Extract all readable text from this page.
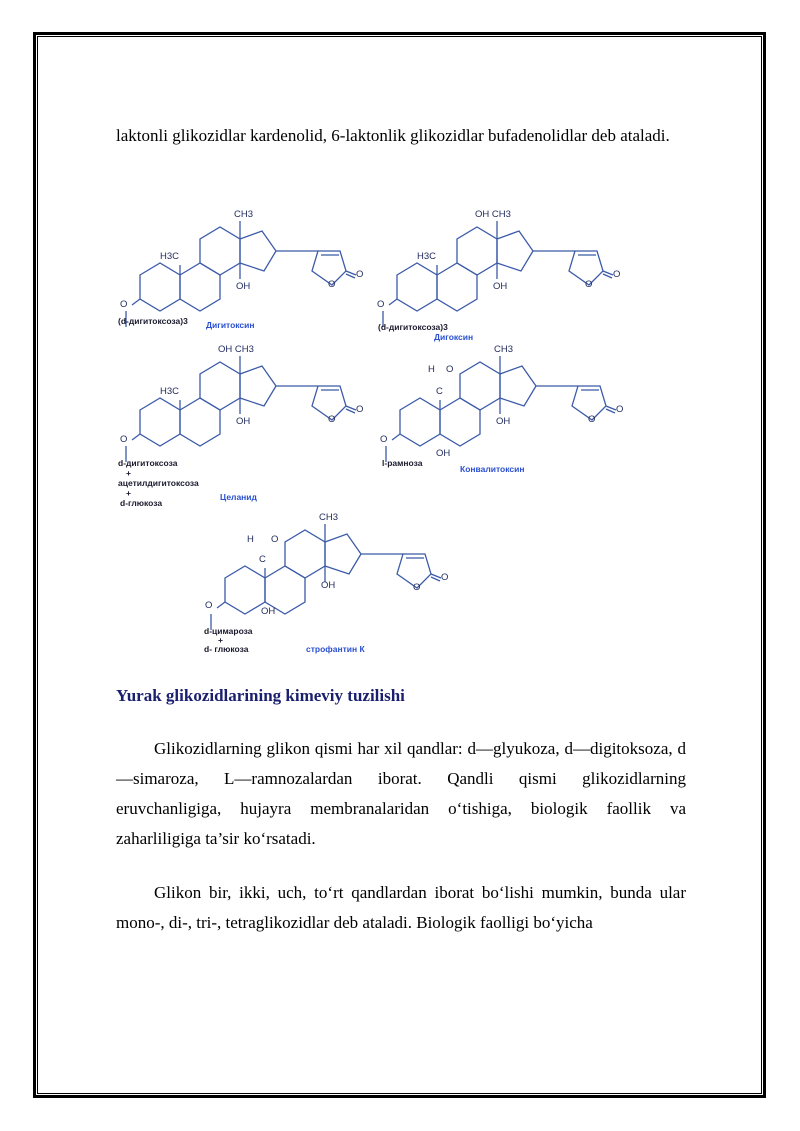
laktonli glikozidlar kardenolid, 6-laktonlik glikozidlar bufadenolidlar deb ataladi.

CH3
H3C
OH
O
O
O
(d-дигитоксоза)3 Дигитоксин
OH CH3
H3C
OH
O
O
O
(d-дигитоксоза)3
Дигоксин
OH CH3
H3C
OH
O
O
O
d-дигитоксоза
+
ацетилдигитоксоза
+
d-глюкоза
Целанид
CH3
H O
C
OH
OH
O
O
O
l-рамноза
Конвалитоксин
CH3
H O
C
OH
OH
O
O
O
d-цимароза
+
d- глюкоза	строфантин К
Yurak glikozidlarining kimeviy tuzilishi

Glikozidlarning glikon qismi har xil qandlar: d—glyukoza, d—digitoksoza, d—simaroza, L—ramnozalardan iborat. Qandli qismi glikozidlarning eruvchanligiga, hujayra membranalaridan o‘tishiga, biologik faollik va zaharliligiga ta’sir ko‘rsatadi.

Glikon bir, ikki, uch, to‘rt qandlardan iborat bo‘lishi mumkin, bunda ular mono-, di-, tri-, tetraglikozidlar deb ataladi. Biologik faolligi bo‘yicha
